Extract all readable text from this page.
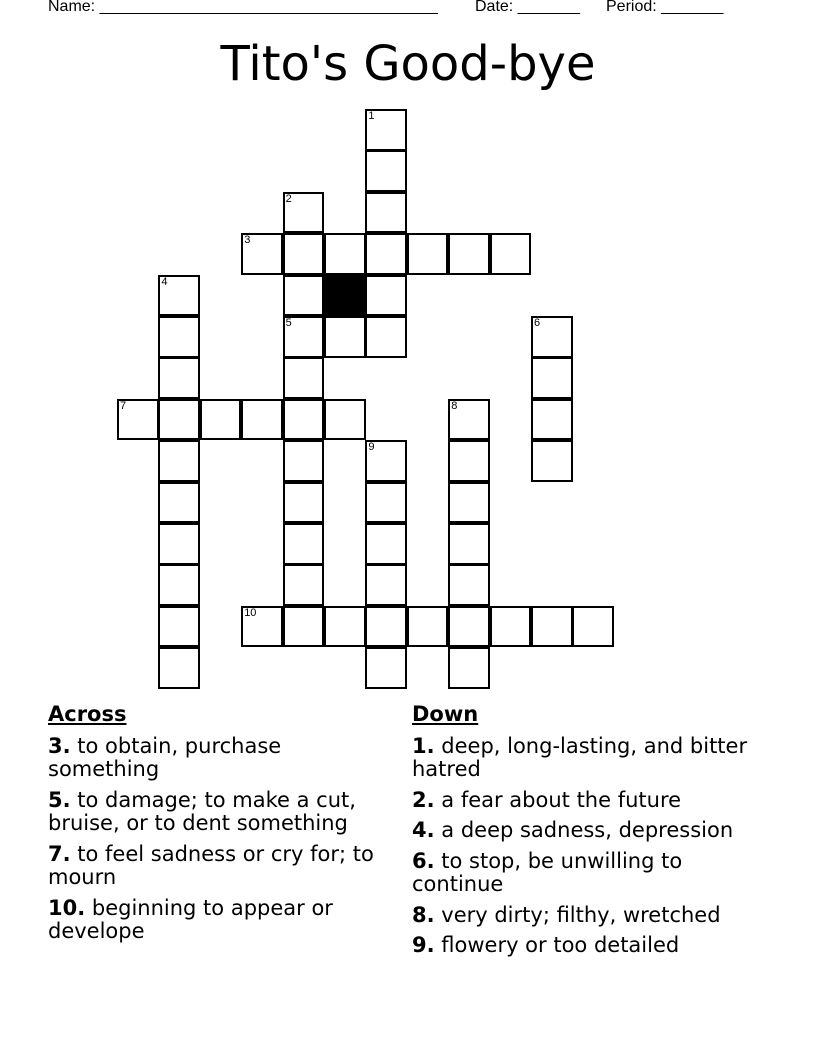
Name: ______________________________________

Date: _______

Period: _______

Tito's Good-bye
1
2
3
4
5	6
7	8
9
10
Across
3. to obtain, purchase something
5. to damage; to make a cut, bruise, or to dent something
7. to feel sadness or cry for; to mourn
10. beginning to appear or develope
Down
1. deep, long-lasting, and bitter hatred
2. a fear about the future
4. a deep sadness, depression
6. to stop, be unwilling to continue
8. very dirty; filthy, wretched
9. flowery or too detailed
